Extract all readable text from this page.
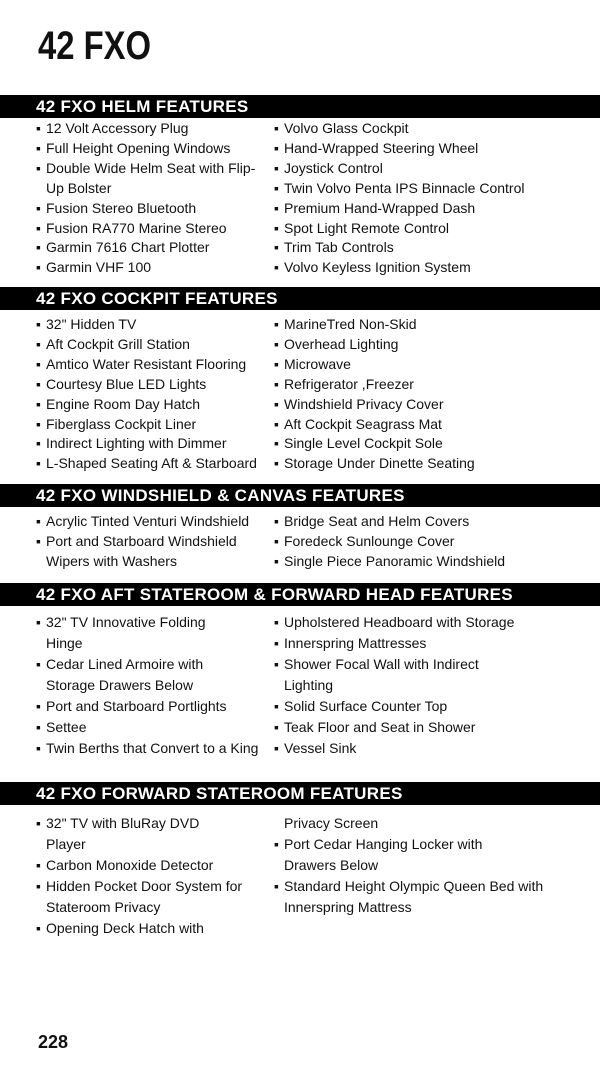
42 FXO
42 FXO HELM FEATURES
▪ 12 Volt Accessory Plug
▪ Full Height Opening Windows
▪ Double Wide Helm Seat with Flip-Up Bolster
▪ Fusion Stereo Bluetooth
▪ Fusion RA770 Marine Stereo
▪ Garmin 7616 Chart Plotter
▪ Garmin VHF 100
▪ Volvo Glass Cockpit
▪ Hand-Wrapped Steering Wheel
▪ Joystick Control
▪ Twin Volvo Penta IPS Binnacle Control
▪ Premium Hand-Wrapped Dash
▪ Spot Light Remote Control
▪ Trim Tab Controls
▪ Volvo Keyless Ignition System
42 FXO COCKPIT FEATURES
▪ 32" Hidden TV
▪ Aft Cockpit Grill Station
▪ Amtico Water Resistant Flooring
▪ Courtesy Blue LED Lights
▪ Engine Room Day Hatch
▪ Fiberglass Cockpit Liner
▪ Indirect Lighting with Dimmer
▪ L-Shaped Seating Aft & Starboard
▪ MarineTred Non-Skid
▪ Overhead Lighting
▪ Microwave
▪ Refrigerator ,Freezer
▪ Windshield Privacy Cover
▪ Aft Cockpit Seagrass Mat
▪ Single Level Cockpit Sole
▪ Storage Under Dinette Seating
42 FXO WINDSHIELD & CANVAS FEATURES
▪ Acrylic Tinted Venturi Windshield
▪ Port and Starboard Windshield Wipers with Washers
▪ Bridge Seat and Helm Covers
▪ Foredeck Sunlounge Cover
▪ Single Piece Panoramic Windshield
42 FXO AFT STATEROOM & FORWARD HEAD FEATURES
▪ 32" TV Innovative Folding Hinge
▪ Cedar Lined Armoire with Storage Drawers Below
▪ Port and Starboard Portlights
▪ Settee
▪ Twin Berths that Convert to a King
▪ Upholstered Headboard with Storage
▪ Innerspring Mattresses
▪ Shower Focal Wall with Indirect Lighting
▪ Solid Surface Counter Top
▪ Teak Floor and Seat in Shower
▪ Vessel Sink
42 FXO FORWARD STATEROOM FEATURES
▪ 32" TV with BluRay DVD Player
▪ Carbon Monoxide Detector
▪ Hidden Pocket Door System for Stateroom Privacy
▪ Opening Deck Hatch with
Privacy Screen
▪ Port Cedar Hanging Locker with Drawers Below
▪ Standard Height Olympic Queen Bed with Innerspring Mattress
228
